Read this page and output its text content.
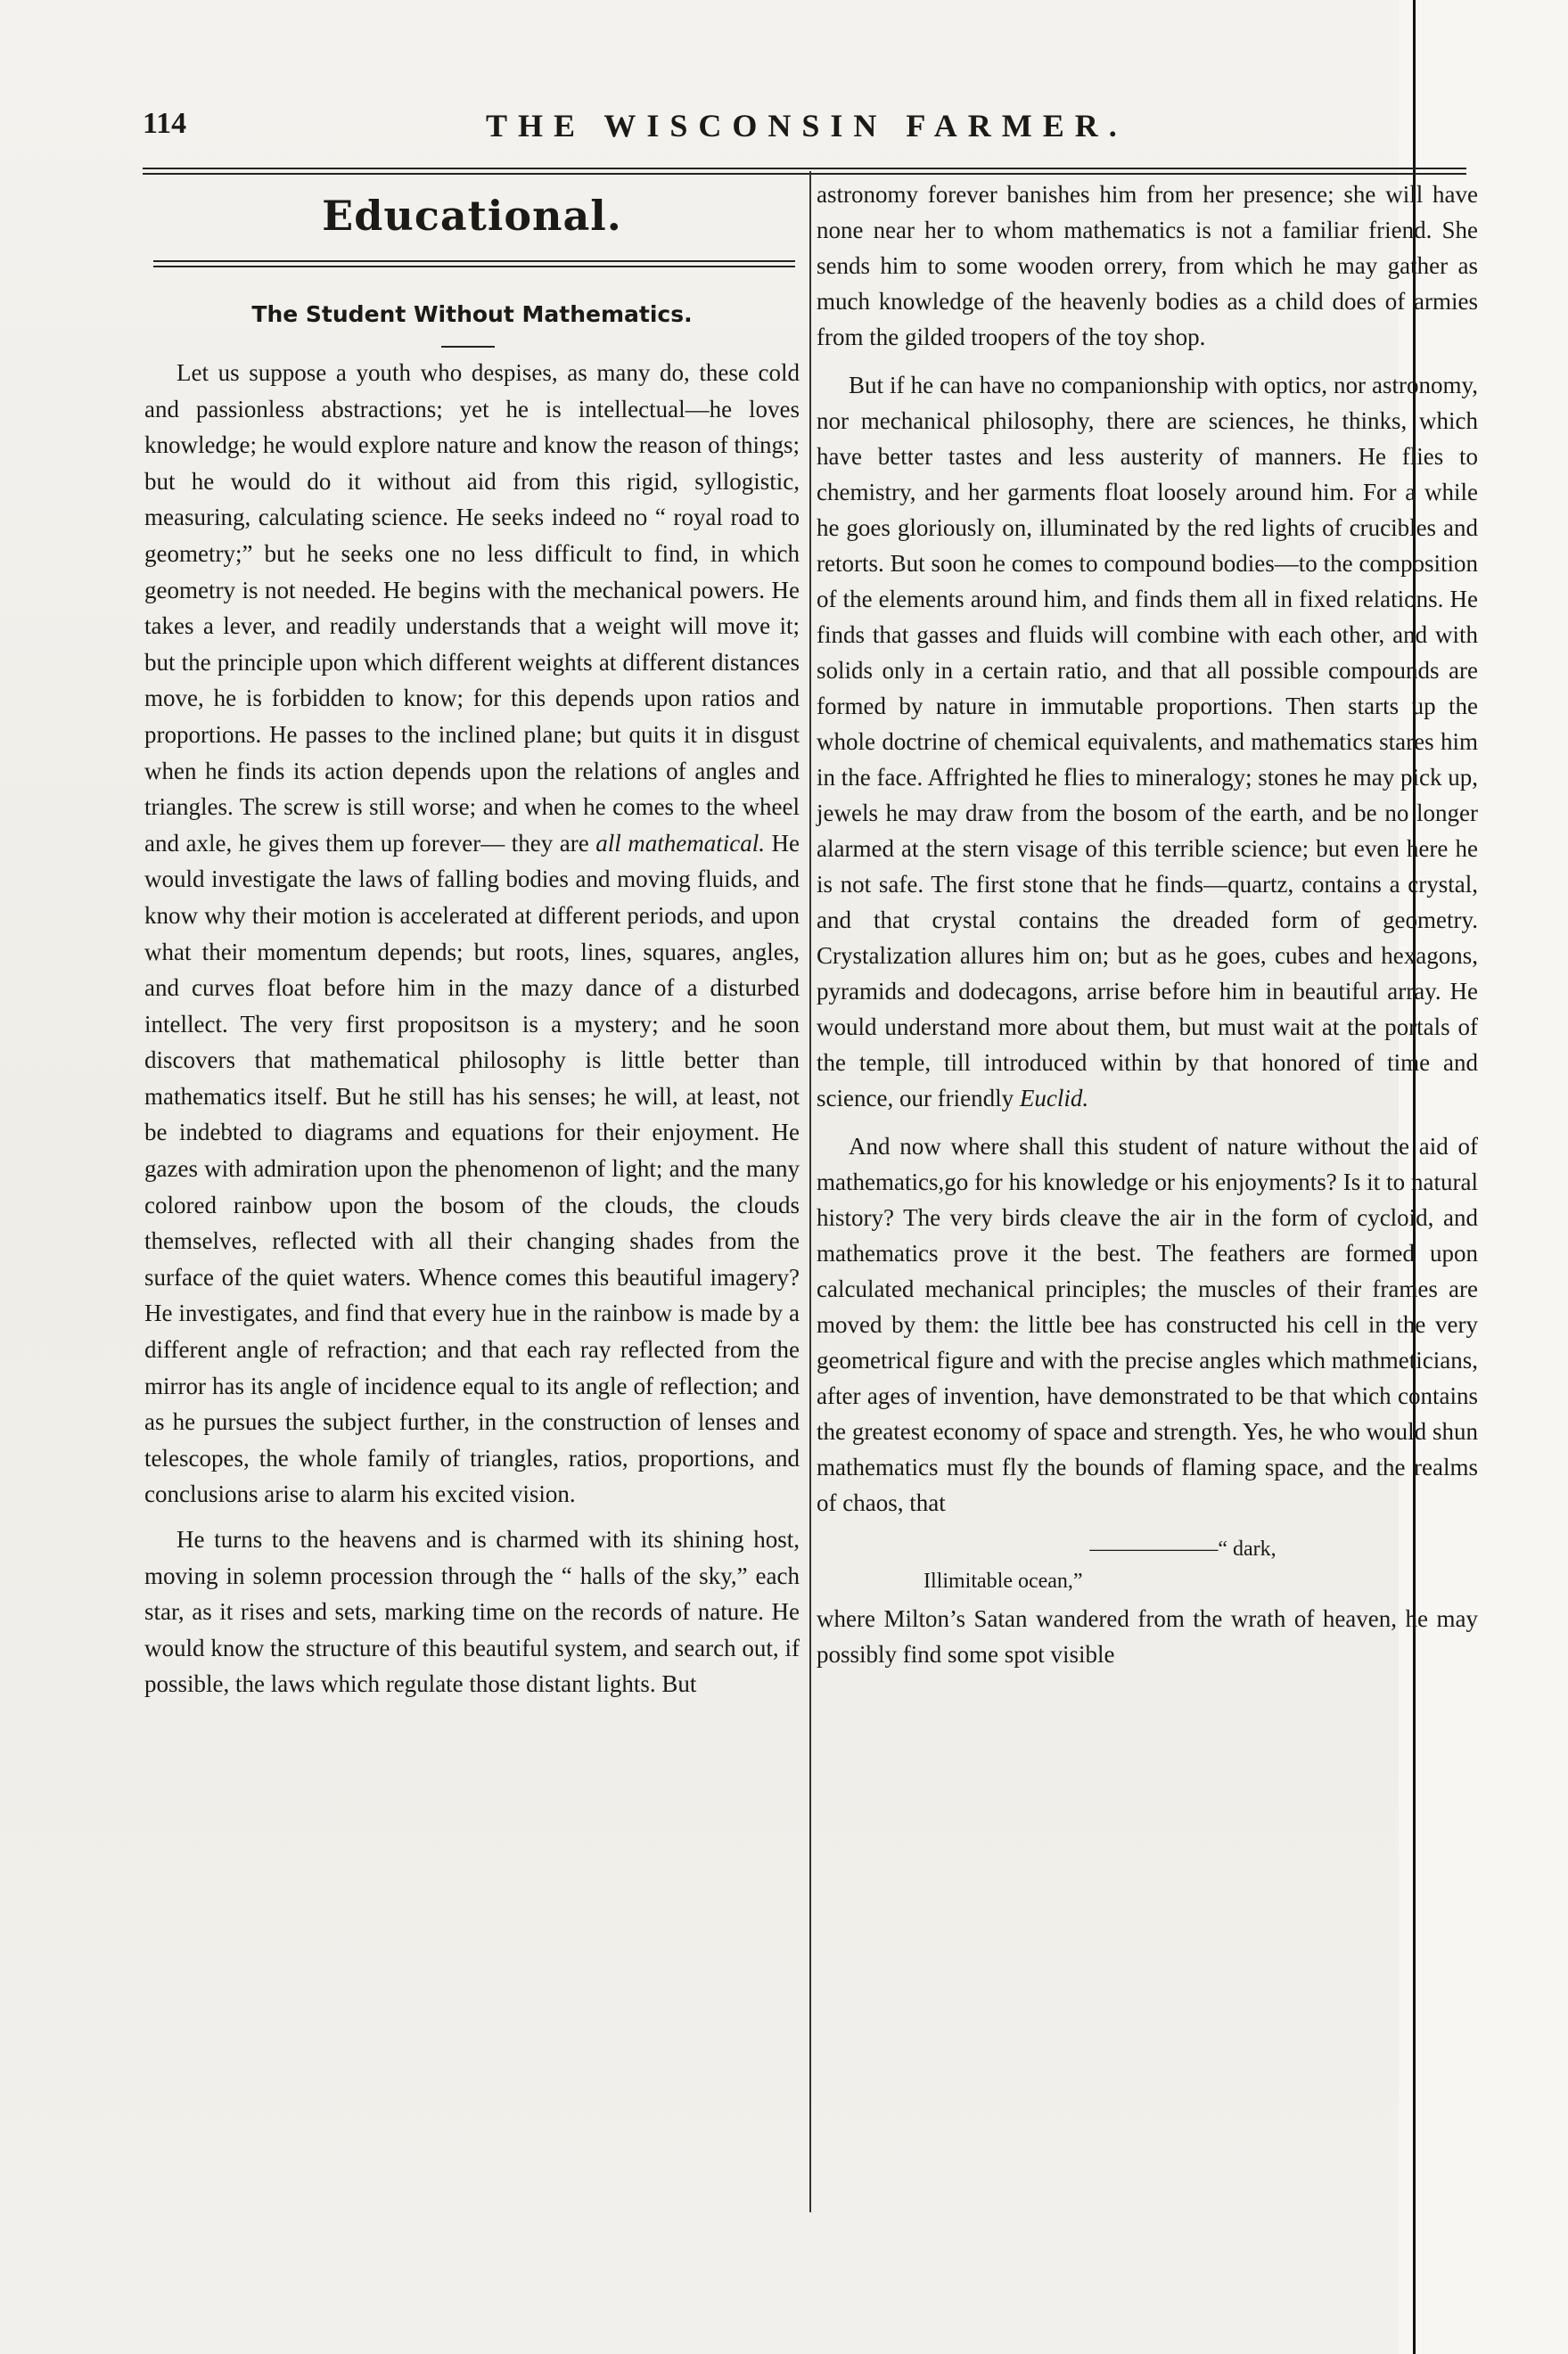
114	THE WISCONSIN FARMER.
Educational.
The Student Without Mathematics.

Let us suppose a youth who despises, as many do, these cold and passionless abstractions; yet he is intellectual—he loves knowledge; he would explore nature and know the reason of things; but he would do it without aid from this rigid, syllogistic, measuring, calculating science. He seeks indeed no “ royal road to geometry;” but he seeks one no less difficult to find, in which geometry is not needed. He begins with the mechanical powers. He takes a lever, and readily understands that a weight will move it; but the principle upon which different weights at different distances move, he is forbidden to know; for this depends upon ratios and proportions. He passes to the inclined plane; but quits it in disgust when he finds its action depends upon the relations of angles and triangles. The screw is still worse; and when he comes to the wheel and axle, he gives them up forever— they are all mathematical. He would investigate the laws of falling bodies and moving fluids, and know why their motion is accelerated at different periods, and upon what their momentum depends; but roots, lines, squares, angles, and curves float before him in the mazy dance of a disturbed intellect. The very first propositson is a mystery; and he soon discovers that mathematical philosophy is little better than mathematics itself. But he still has his senses; he will, at least, not be indebted to diagrams and equations for their enjoyment. He gazes with admiration upon the phenomenon of light; and the many colored rainbow upon the bosom of the clouds, the clouds themselves, reflected with all their changing shades from the surface of the quiet waters. Whence comes this beautiful imagery? He investigates, and find that every hue in the rainbow is made by a different angle of refraction; and that each ray reflected from the mirror has its angle of incidence equal to its angle of reflection; and as he pursues the subject further, in the construction of lenses and telescopes, the whole family of triangles, ratios, proportions, and conclusions arise to alarm his excited vision.

He turns to the heavens and is charmed with its shining host, moving in solemn procession through the “ halls of the sky,” each star, as it rises and sets, marking time on the records of nature. He would know the structure of this beautiful system, and search out, if possible, the laws which regulate those distant lights. But

astronomy forever banishes him from her presence; she will have none near her to whom mathematics is not a familiar friend. She sends him to some wooden orrery, from which he may gather as much knowledge of the heavenly bodies as a child does of armies from the gilded troopers of the toy shop.

But if he can have no companionship with optics, nor astronomy, nor mechanical philosophy, there are sciences, he thinks, which have better tastes and less austerity of manners. He flies to chemistry, and her garments float loosely around him. For a while he goes gloriously on, illuminated by the red lights of crucibles and retorts. But soon he comes to compound bodies—to the composition of the elements around him, and finds them all in fixed relations. He finds that gasses and fluids will combine with each other, and with solids only in a certain ratio, and that all possible compounds are formed by nature in immutable proportions. Then starts up the whole doctrine of chemical equivalents, and mathematics stares him in the face. Affrighted he flies to mineralogy; stones he may pick up, jewels he may draw from the bosom of the earth, and be no longer alarmed at the stern visage of this terrible science; but even here he is not safe. The first stone that he finds—quartz, contains a crystal, and that crystal contains the dreaded form of geometry. Crystalization allures him on; but as he goes, cubes and hexagons, pyramids and dodecagons, arrise before him in beautiful array. He would understand more about them, but must wait at the portals of the temple, till introduced within by that honored of time and science, our friendly Euclid.

And now where shall this student of nature without the aid of mathematics,go for his knowledge or his enjoyments? Is it to natural history? The very birds cleave the air in the form of cycloid, and mathematics prove it the best. The feathers are formed upon calculated mechanical principles; the muscles of their frames are moved by them: the little bee has constructed his cell in the very geometrical figure and with the precise angles which mathmeticians, after ages of invention, have demonstrated to be that which contains the greatest economy of space and strength. Yes, he who would shun mathematics must fly the bounds of flaming space, and the realms of chaos, that

——————“ dark,
Illimitable ocean,”

where Milton’s Satan wandered from the wrath of heaven, he may possibly find some spot visible
